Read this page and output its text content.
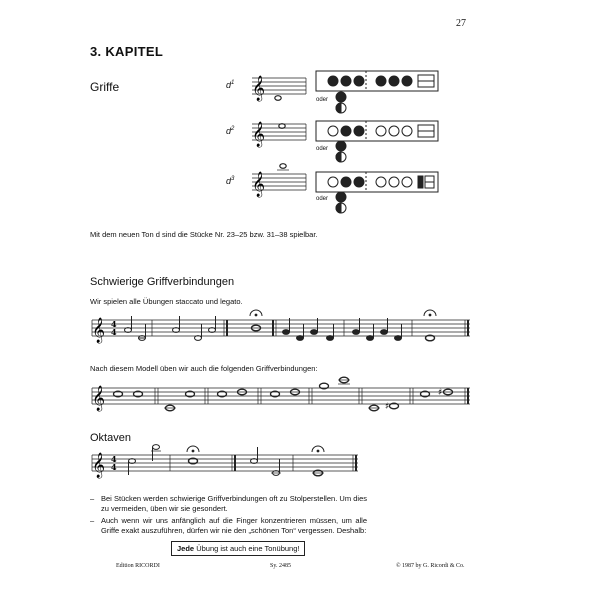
27
3. KAPITEL
Griffe	$d^1$
$d^2$
$d^3$
oder
oder
oder
Mit dem neuen Ton d sind die Stücke Nr. 23–25 bzw. 31–38 spielbar.
Schwierige Griffverbindungen
Wir spielen alle Übungen staccato und legato.
Nach diesem Modell üben wir auch die folgenden Griffverbindungen:
Oktaven
– Bei Stücken werden schwierige Griffverbindungen oft zu Stolperstellen. Um dies zu vermeiden, üben wir sie gesondert.
– Auch wenn wir uns anfänglich auf die Finger konzentrieren müssen, um alle Griffe exakt auszuführen, dürfen wir nie den „schönen Ton“ vergessen. Deshalb:
Jede Übung ist auch eine Tonübung!
Edition RICORDI	Sy. 2485	© 1987 by G. Ricordi & Co.
𝄞
𝄞
𝄞
𝄞 4
4
𝄞	♯
♯
𝄞 4
4
